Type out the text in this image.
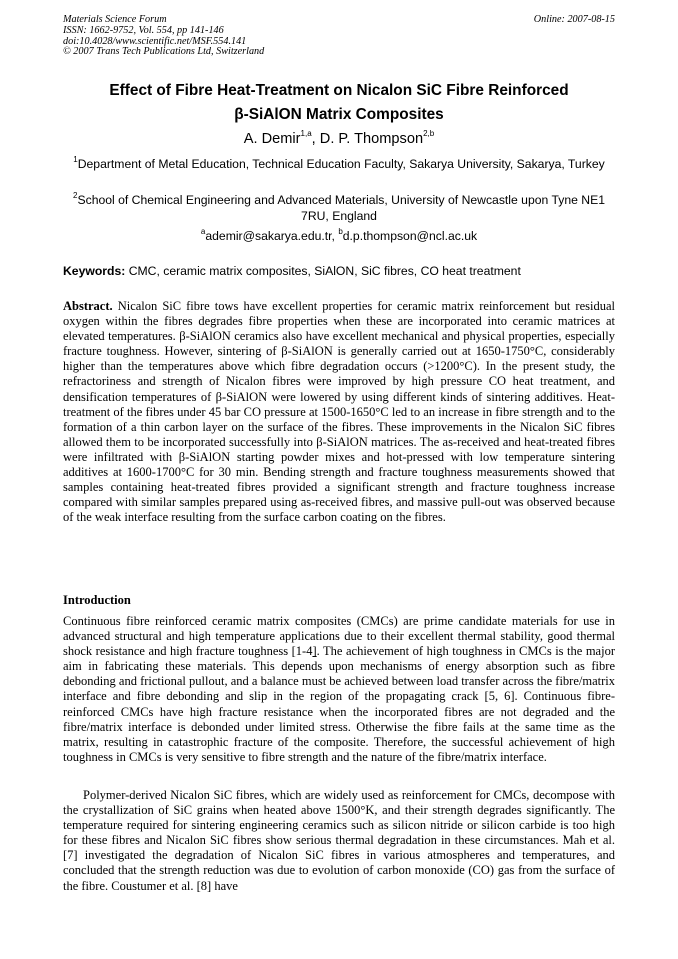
Materials Science Forum
ISSN: 1662-9752, Vol. 554, pp 141-146
doi:10.4028/www.scientific.net/MSF.554.141
© 2007 Trans Tech Publications Ltd, Switzerland
Online: 2007-08-15
Effect of Fibre Heat-Treatment on Nicalon SiC Fibre Reinforced
β-SiAlON Matrix Composites
A. Demir$^{1,a}$, D. P. Thompson$^{2,b}$
$^1$Department of Metal Education, Technical Education Faculty, Sakarya University, Sakarya, Turkey
$^2$School of Chemical Engineering and Advanced Materials, University of Newcastle upon Tyne NE1 7RU, England
$^a$ademir@sakarya.edu.tr, $^b$d.p.thompson@ncl.ac.uk
Keywords: CMC, ceramic matrix composites, SiAlON, SiC fibres, CO heat treatment
Abstract. Nicalon SiC fibre tows have excellent properties for ceramic matrix reinforcement but residual oxygen within the fibres degrades fibre properties when these are incorporated into ceramic matrices at elevated temperatures. β-SiAlON ceramics also have excellent mechanical and physical properties, especially fracture toughness. However, sintering of β-SiAlON is generally carried out at 1650-1750°C, considerably higher than the temperatures above which fibre degradation occurs (>1200°C). In the present study, the refractoriness and strength of Nicalon fibres were improved by high pressure CO heat treatment, and densification temperatures of β-SiAlON were lowered by using different kinds of sintering additives. Heat-treatment of the fibres under 45 bar CO pressure at 1500-1650°C led to an increase in fibre strength and to the formation of a thin carbon layer on the surface of the fibres. These improvements in the Nicalon SiC fibres allowed them to be incorporated successfully into β-SiAlON matrices. The as-received and heat-treated fibres were infiltrated with β-SiAlON starting powder mixes and hot-pressed with low temperature sintering additives at 1600-1700°C for 30 min. Bending strength and fracture toughness measurements showed that samples containing heat-treated fibres provided a significant strength and fracture toughness increase compared with similar samples prepared using as-received fibres, and massive pull-out was observed because of the weak interface resulting from the surface carbon coating on the fibres.
Introduction
Continuous fibre reinforced ceramic matrix composites (CMCs) are prime candidate materials for use in advanced structural and high temperature applications due to their excellent thermal stability, good thermal shock resistance and high fracture toughness [1-4]. The achievement of high toughness in CMCs is the major aim in fabricating these materials. This depends upon mechanisms of energy absorption such as fibre debonding and frictional pullout, and a balance must be achieved between load transfer across the fibre/matrix interface and fibre debonding and slip in the region of the propagating crack [5, 6]. Continuous fibre-reinforced CMCs have high fracture resistance when the incorporated fibres are not degraded and the fibre/matrix interface is debonded under limited stress. Otherwise the fibre fails at the same time as the matrix, resulting in catastrophic fracture of the composite. Therefore, the successful achievement of high toughness in CMCs is very sensitive to fibre strength and the nature of the fibre/matrix interface.
Polymer-derived Nicalon SiC fibres, which are widely used as reinforcement for CMCs, decompose with the crystallization of SiC grains when heated above 1500°K, and their strength degrades significantly. The temperature required for sintering engineering ceramics such as silicon nitride or silicon carbide is too high for these fibres and Nicalon SiC fibres show serious thermal degradation in these circumstances. Mah et al. [7] investigated the degradation of Nicalon SiC fibres in various atmospheres and temperatures, and concluded that the strength reduction was due to evolution of carbon monoxide (CO) gas from the surface of the fibre. Coustumer et al. [8] have
